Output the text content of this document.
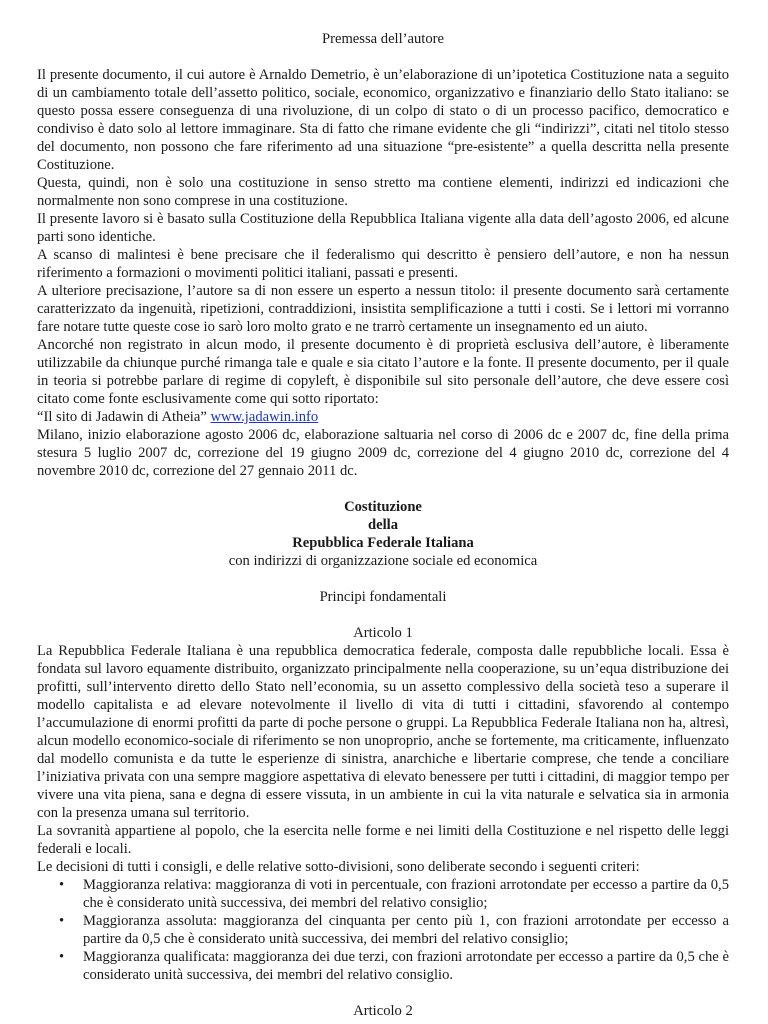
Premessa dell’autore

Il presente documento, il cui autore è Arnaldo Demetrio, è un’elaborazione di un’ipotetica Costituzione nata a seguito di un cambiamento totale dell’assetto politico, sociale, economico, organizzativo e finanziario dello Stato italiano: se questo possa essere conseguenza di una rivoluzione, di un colpo di stato o di un processo pacifico, democratico e condiviso è dato solo al lettore immaginare. Sta di fatto che rimane evidente che gli “indirizzi”, citati nel titolo stesso del documento, non possono che fare riferimento ad una situazione “pre-esistente” a quella descritta nella presente Costituzione.

Questa, quindi, non è solo una costituzione in senso stretto ma contiene elementi, indirizzi ed indicazioni che normalmente non sono comprese in una costituzione.

Il presente lavoro si è basato sulla Costituzione della Repubblica Italiana vigente alla data dell’agosto 2006, ed alcune parti sono identiche.

A scanso di malintesi è bene precisare che il federalismo qui descritto è pensiero dell’autore, e non ha nessun riferimento a formazioni o movimenti politici italiani, passati e presenti.

A ulteriore precisazione, l’autore sa di non essere un esperto a nessun titolo: il presente documento sarà certamente caratterizzato da ingenuità, ripetizioni, contraddizioni, insistita semplificazione a tutti i costi. Se i lettori mi vorranno fare notare tutte queste cose io sarò loro molto grato e ne trarrò certamente un insegnamento ed un aiuto.

Ancorché non registrato in alcun modo, il presente documento è di proprietà esclusiva dell’autore, è liberamente utilizzabile da chiunque purché rimanga tale e quale e sia citato l’autore e la fonte. Il presente documento, per il quale in teoria si potrebbe parlare di regime di copyleft, è disponibile sul sito personale dell’autore, che deve essere così citato come fonte esclusivamente come qui sotto riportato:

“Il sito di Jadawin di Atheia” www.jadawin.info

Milano, inizio elaborazione agosto 2006 dc, elaborazione saltuaria nel corso di 2006 dc e 2007 dc, fine della prima stesura 5 luglio 2007 dc, correzione del 19 giugno 2009 dc, correzione del 4 giugno 2010 dc, correzione del 4 novembre 2010 dc, correzione del 27 gennaio 2011 dc.

Costituzione

della

Repubblica Federale Italiana

con indirizzi di organizzazione sociale ed economica

Principi fondamentali

Articolo 1

La Repubblica Federale Italiana è una repubblica democratica federale, composta dalle repubbliche locali. Essa è fondata sul lavoro equamente distribuito, organizzato principalmente nella cooperazione, su un’equa distribuzione dei profitti, sull’intervento diretto dello Stato nell’economia, su un assetto complessivo della società teso a superare il modello capitalista e ad elevare notevolmente il livello di vita di tutti i cittadini, sfavorendo al contempo l’accumulazione di enormi profitti da parte di poche persone o gruppi. La Repubblica Federale Italiana non ha, altresì, alcun modello economico-sociale di riferimento se non unoproprio, anche se fortemente, ma criticamente, influenzato dal modello comunista e da tutte le esperienze di sinistra, anarchiche e libertarie comprese, che tende a conciliare l’iniziativa privata con una sempre maggiore aspettativa di elevato benessere per tutti i cittadini, di maggior tempo per vivere una vita piena, sana e degna di essere vissuta, in un ambiente in cui la vita naturale e selvatica sia in armonia con la presenza umana sul territorio.

La sovranità appartiene al popolo, che la esercita nelle forme e nei limiti della Costituzione e nel rispetto delle leggi federali e locali.

Le decisioni di tutti i consigli, e delle relative sotto-divisioni, sono deliberate secondo i seguenti criteri:

• Maggioranza relativa: maggioranza di voti in percentuale, con frazioni arrotondate per eccesso a partire da 0,5 che è considerato unità successiva, dei membri del relativo consiglio;
• Maggioranza assoluta: maggioranza del cinquanta per cento più 1, con frazioni arrotondate per eccesso a partire da 0,5 che è considerato unità successiva, dei membri del relativo consiglio;
• Maggioranza qualificata: maggioranza dei due terzi, con frazioni arrotondate per eccesso a partire da 0,5 che è considerato unità successiva, dei membri del relativo consiglio.

Articolo 2
